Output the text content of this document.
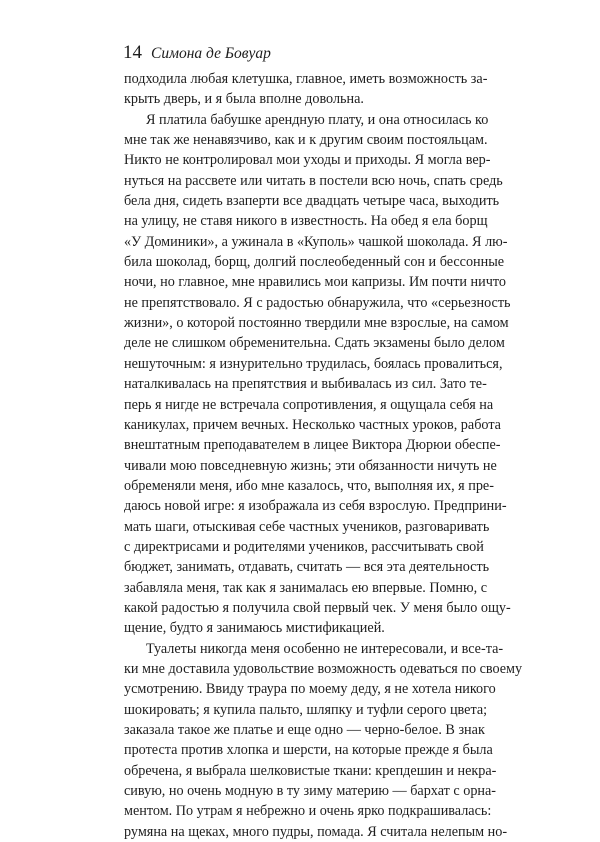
14 Симона де Бовуар
подходила любая клетушка, главное, иметь возможность за-
крыть дверь, и я была вполне довольна.
Я платила бабушке арендную плату, и она относилась ко
мне так же ненавязчиво, как и к другим своим постояльцам.
Никто не контролировал мои уходы и приходы. Я могла вер-
нуться на рассвете или читать в постели всю ночь, спать средь
бела дня, сидеть взаперти все двадцать четыре часа, выходить
на улицу, не ставя никого в известность. На обед я ела борщ
«У Доминики», а ужинала в «Куполь» чашкой шоколада. Я лю-
била шоколад, борщ, долгий послеобеденный сон и бессонные
ночи, но главное, мне нравились мои капризы. Им почти ничто
не препятствовало. Я с радостью обнаружила, что «серьезность
жизни», о которой постоянно твердили мне взрослые, на самом
деле не слишком обременительна. Сдать экзамены было делом
нешуточным: я изнурительно трудилась, боялась провалиться,
наталкивалась на препятствия и выбивалась из сил. Зато те-
перь я нигде не встречала сопротивления, я ощущала себя на
каникулах, причем вечных. Несколько частных уроков, работа
внештатным преподавателем в лицее Виктора Дюрюи обеспе-
чивали мою повседневную жизнь; эти обязанности ничуть не
обременяли меня, ибо мне казалось, что, выполняя их, я пре-
даюсь новой игре: я изображала из себя взрослую. Предприни-
мать шаги, отыскивая себе частных учеников, разговаривать
с директрисами и родителями учеников, рассчитывать свой
бюджет, занимать, отдавать, считать — вся эта деятельность
забавляла меня, так как я занималась ею впервые. Помню, с
какой радостью я получила свой первый чек. У меня было ощу-
щение, будто я занимаюсь мистификацией.
Туалеты никогда меня особенно не интересовали, и все-та-
ки мне доставила удовольствие возможность одеваться по своему
усмотрению. Ввиду траура по моему деду, я не хотела никого
шокировать; я купила пальто, шляпку и туфли серого цвета;
заказала такое же платье и еще одно — черно-белое. В знак
протеста против хлопка и шерсти, на которые прежде я была
обречена, я выбрала шелковистые ткани: крепдешин и некра-
сивую, но очень модную в ту зиму материю — бархат с орна-
ментом. По утрам я небрежно и очень ярко подкрашивалась:
румяна на щеках, много пудры, помада. Я считала нелепым но-
